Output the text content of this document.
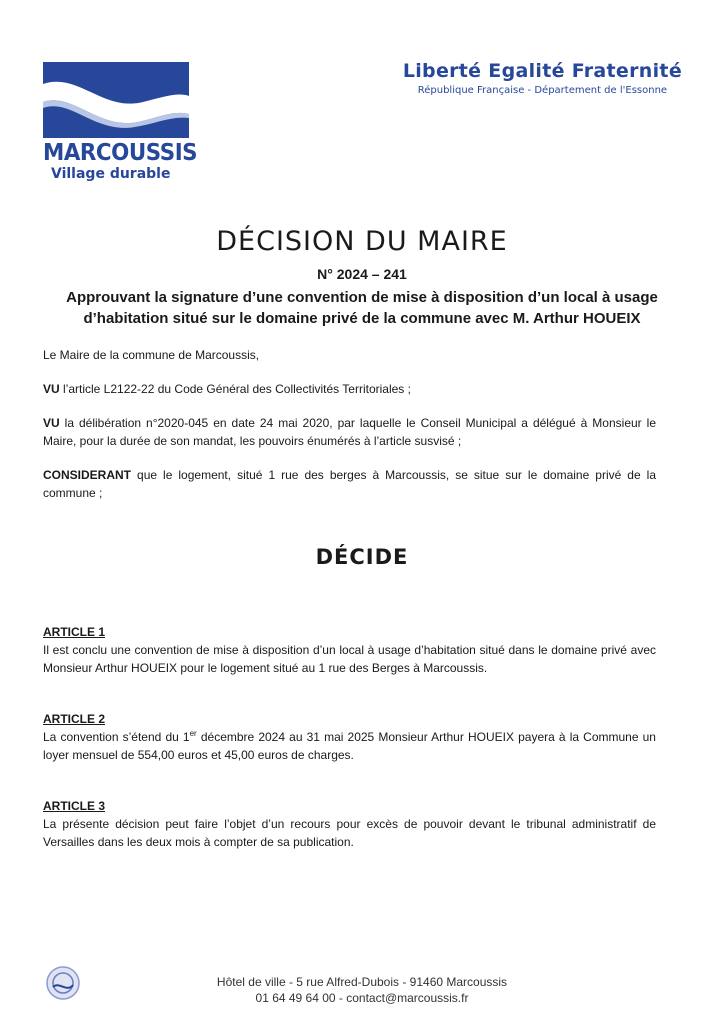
MARCOUSSIS
Village durable
Liberté Egalité Fraternité
République Française - Département de l'Essonne
DÉCISION DU MAIRE
N° 2024 – 241
Approuvant la signature d’une convention de mise à disposition d’un local à usage
d’habitation situé sur le domaine privé de la commune avec M. Arthur HOUEIX
Le Maire de la commune de Marcoussis,
VU l’article L2122-22 du Code Général des Collectivités Territoriales ;
VU la délibération n°2020-045 en date 24 mai 2020, par laquelle le Conseil Municipal a délégué à Monsieur le Maire, pour la durée de son mandat, les pouvoirs énumérés à l’article susvisé ;
CONSIDERANT que le logement, situé 1 rue des berges à Marcoussis, se situe sur le domaine privé de la commune ;
DÉCIDE
ARTICLE 1
Il est conclu une convention de mise à disposition d’un local à usage d’habitation situé dans le domaine privé avec Monsieur Arthur HOUEIX pour le logement situé au 1 rue des Berges à Marcoussis.
ARTICLE 2
La convention s’étend du 1er décembre 2024 au 31 mai 2025 Monsieur Arthur HOUEIX payera à la Commune un loyer mensuel de 554,00 euros et 45,00 euros de charges.
ARTICLE 3
La présente décision peut faire l’objet d’un recours pour excès de pouvoir devant le tribunal administratif de Versailles dans les deux mois à compter de sa publication.
Hôtel de ville - 5 rue Alfred-Dubois - 91460 Marcoussis
01 64 49 64 00 - contact@marcoussis.fr
